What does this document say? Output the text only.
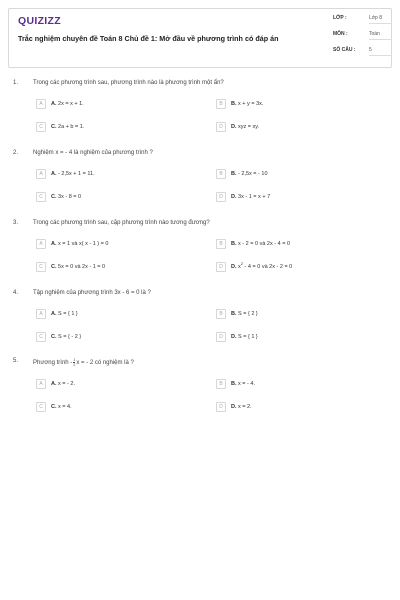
QUIZIZZ
Trắc nghiệm chuyên đề Toán 8 Chủ đề 1: Mở đầu về phương trình có đáp án
LỚP :	Lớp 8
MÔN :	Toán
SỐ CÂU :	5
1. Trong các phương trình sau, phương trình nào là phương trình một ẩn?
A	A. 2x = x + 1.	B	B. x + y = 3x.
C	C. 2a + b = 1.	D	D. xyz = xy.
2. Nghiệm x = - 4 là nghiệm của phương trình ?
A	A. - 2,5x + 1 = 11.	B	B. - 2,5x = - 10
C	C. 3x - 8 = 0	D	D. 3x - 1 = x + 7
3. Trong các phương trình sau, cặp phương trình nào tương đương?
A	A. x = 1 và x( x - 1 ) = 0	B	B. x - 2 = 0 và 2x - 4 = 0
C	C. 5x = 0 và 2x - 1 = 0	D	D. $x^2 - 4 = 0$ và 2x - 2 = 0
4. Tập nghiệm của phương trình 3x - 6 = 0 là ?
A	A. S = { 1 }	B	B. S = { 2 }
C	C. S = { - 2 }	D	D. S = { 1 }
5. Phương trình - $\frac{1}{2}$ x = - 2 có nghiệm là ?
A	A. x = - 2.	B	B. x = - 4.
C	C. x = 4.	D	D. x = 2.
